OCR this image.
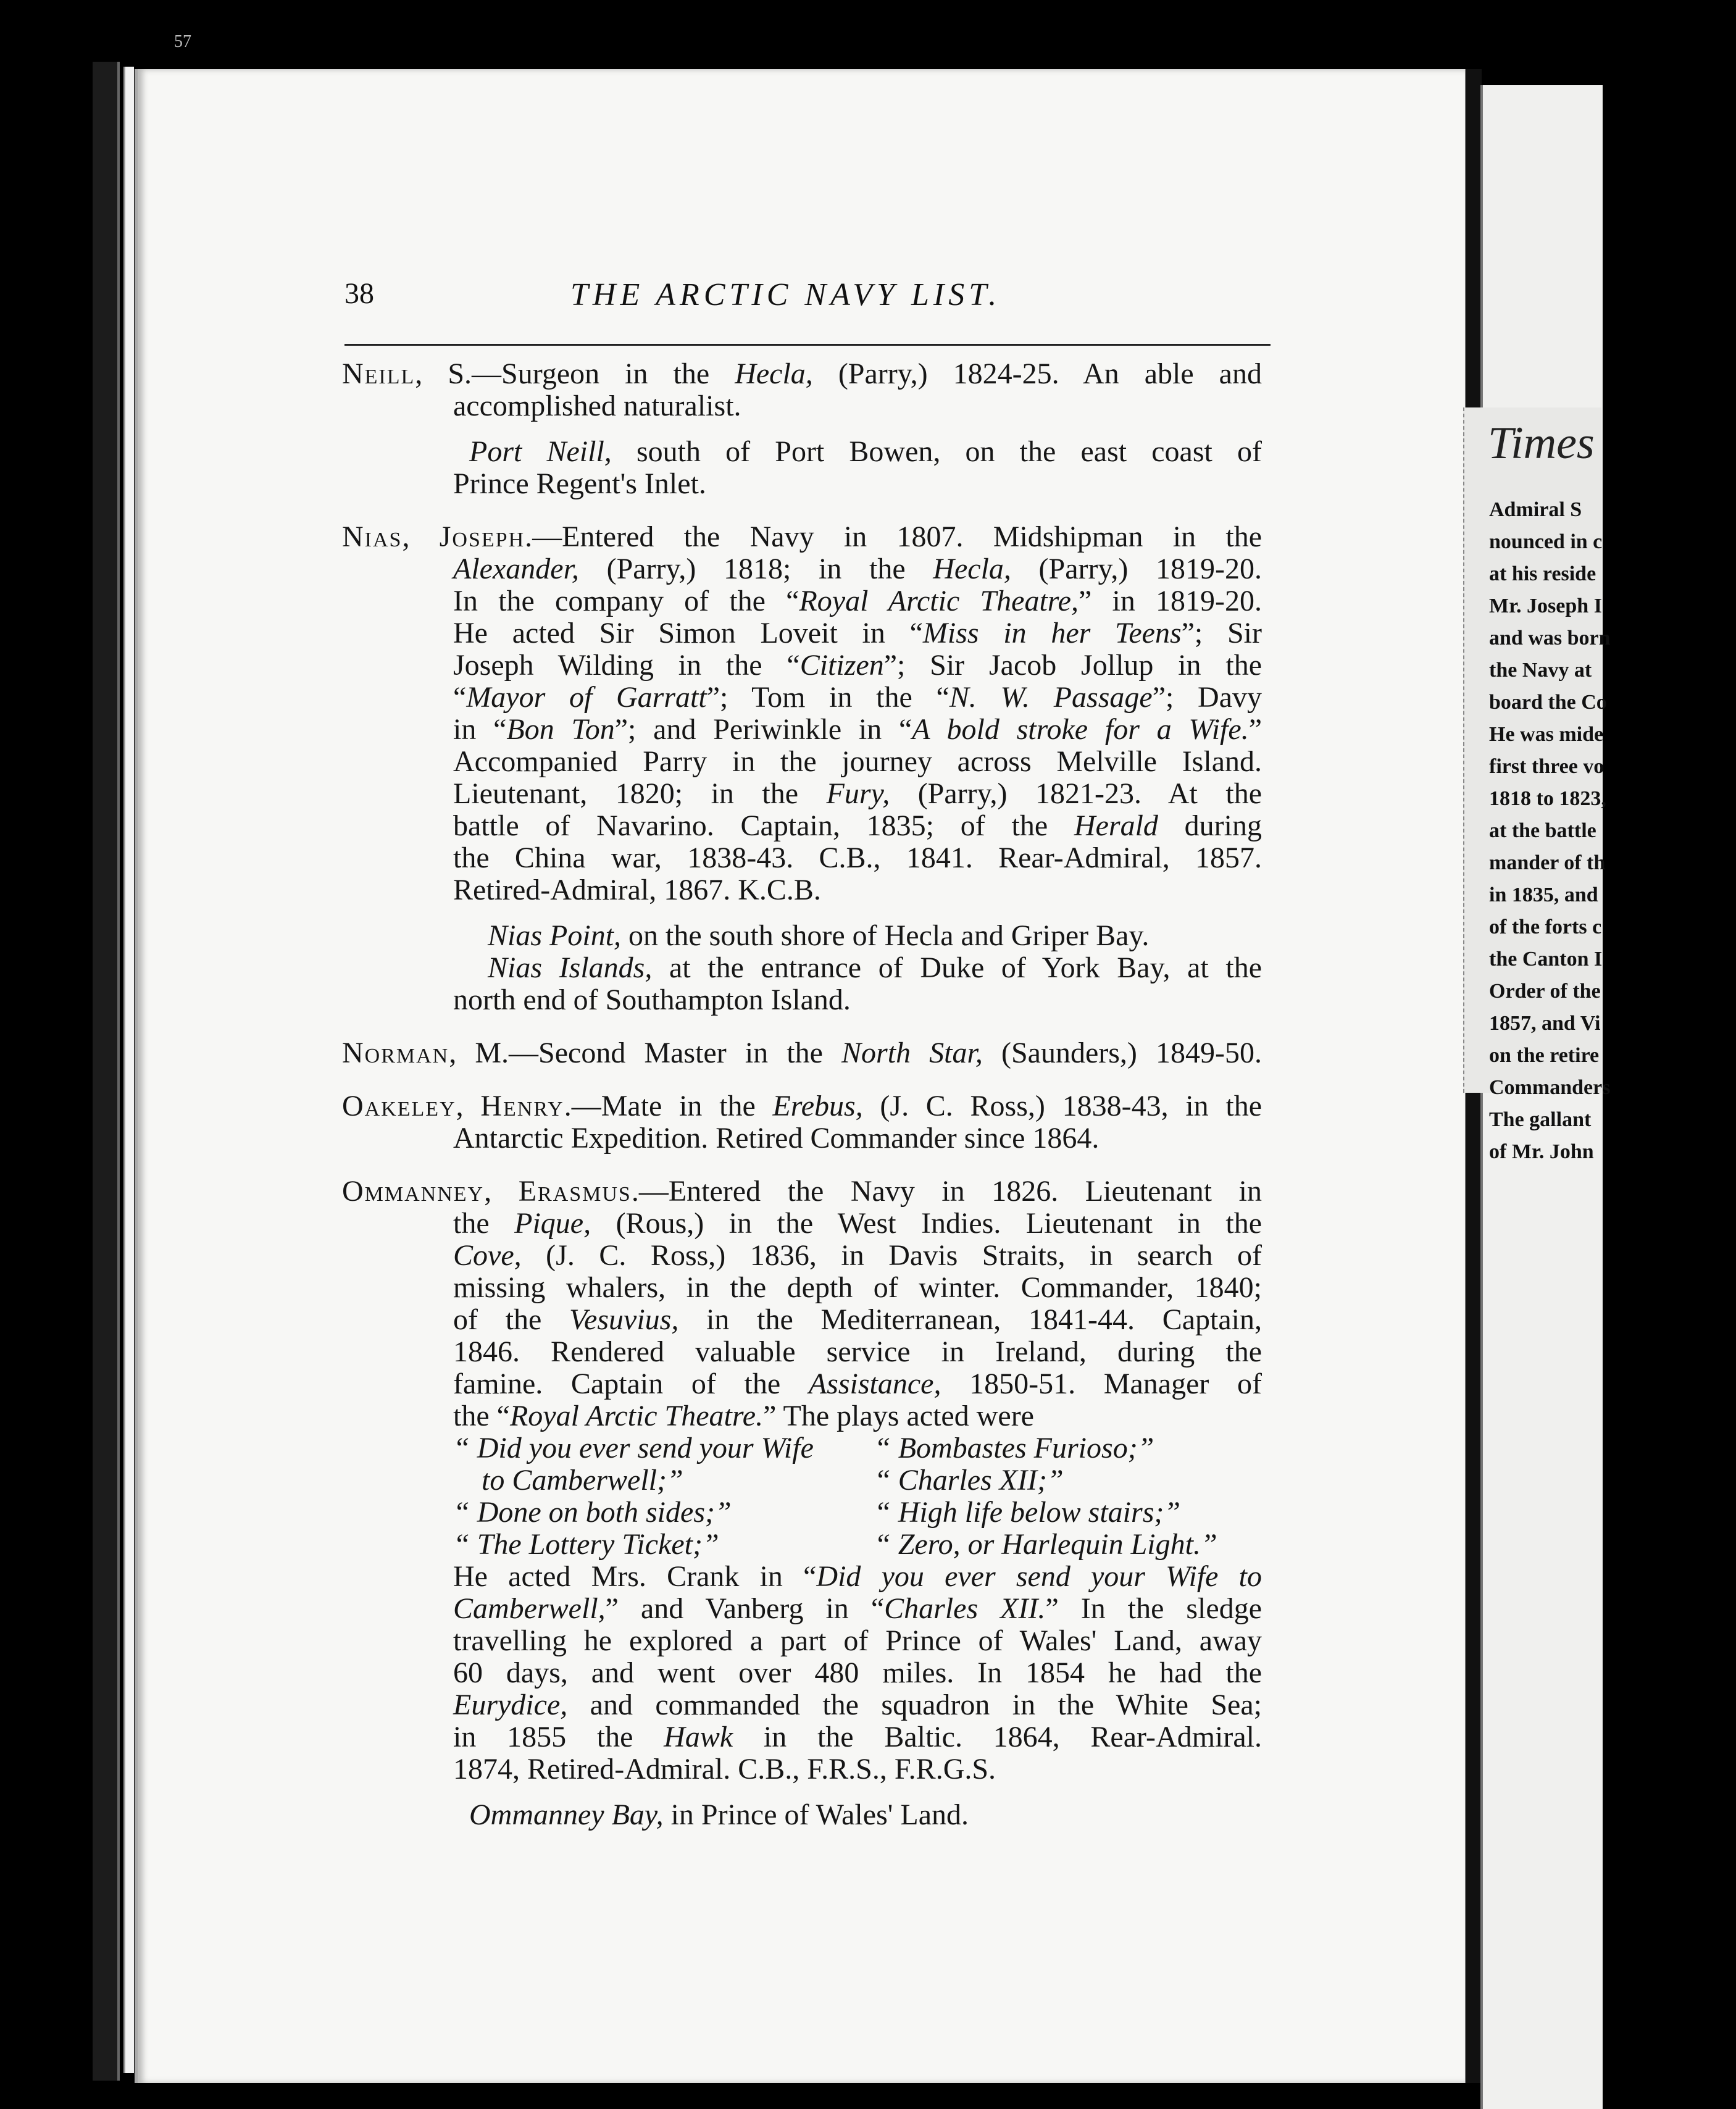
57
Times
Admiral S
nounced in c
at his reside
Mr. Joseph I
and was born
the Navy at
board the Co
He was mide
first three vo
1818 to 1823,
at the battle
mander of th
in 1835, and
of the forts c
the Canton I
Order of the
1857, and Vi
on the retire
Commanders
The gallant
of Mr. John
38	THE ARCTIC NAVY LIST.
Neill, S.—Surgeon in the Hecla, (Parry,) 1824-25. An able and
accomplished naturalist.
Port Neill, south of Port Bowen, on the east coast of
Prince Regent's Inlet.
Nias, Joseph.—Entered the Navy in 1807. Midshipman in the
Alexander, (Parry,) 1818; in the Hecla, (Parry,) 1819-20.
In the company of the “Royal Arctic Theatre,” in 1819-20.
He acted Sir Simon Loveit in “Miss in her Teens”; Sir
Joseph Wilding in the “Citizen”; Sir Jacob Jollup in the
“Mayor of Garratt”; Tom in the “N. W. Passage”; Davy
in “Bon Ton”; and Periwinkle in “A bold stroke for a Wife.”
Accompanied Parry in the journey across Melville Island.
Lieutenant, 1820; in the Fury, (Parry,) 1821-23. At the
battle of Navarino. Captain, 1835; of the Herald during
the China war, 1838-43. C.B., 1841. Rear-Admiral, 1857.
Retired-Admiral, 1867. K.C.B.
Nias Point, on the south shore of Hecla and Griper Bay.
Nias Islands, at the entrance of Duke of York Bay, at the
north end of Southampton Island.
Norman, M.—Second Master in the North Star, (Saunders,) 1849-50.
Oakeley, Henry.—Mate in the Erebus, (J. C. Ross,) 1838-43, in the
Antarctic Expedition. Retired Commander since 1864.
Ommanney, Erasmus.—Entered the Navy in 1826. Lieutenant in
the Pique, (Rous,) in the West Indies. Lieutenant in the
Cove, (J. C. Ross,) 1836, in Davis Straits, in search of
missing whalers, in the depth of winter. Commander, 1840;
of the Vesuvius, in the Mediterranean, 1841-44. Captain,
1846. Rendered valuable service in Ireland, during the
famine. Captain of the Assistance, 1850-51. Manager of
the “Royal Arctic Theatre.” The plays acted were
“ Did you ever send your Wife
to Camberwell;”
“ Done on both sides;”
“ The Lottery Ticket;”
“ Bombastes Furioso;”
“ Charles XII;”
“ High life below stairs;”
“ Zero, or Harlequin Light.”
He acted Mrs. Crank in “Did you ever send your Wife to
Camberwell,” and Vanberg in “Charles XII.” In the sledge
travelling he explored a part of Prince of Wales' Land, away
60 days, and went over 480 miles. In 1854 he had the
Eurydice, and commanded the squadron in the White Sea;
in 1855 the Hawk in the Baltic. 1864, Rear-Admiral.
1874, Retired-Admiral. C.B., F.R.S., F.R.G.S.
Ommanney Bay, in Prince of Wales' Land.
